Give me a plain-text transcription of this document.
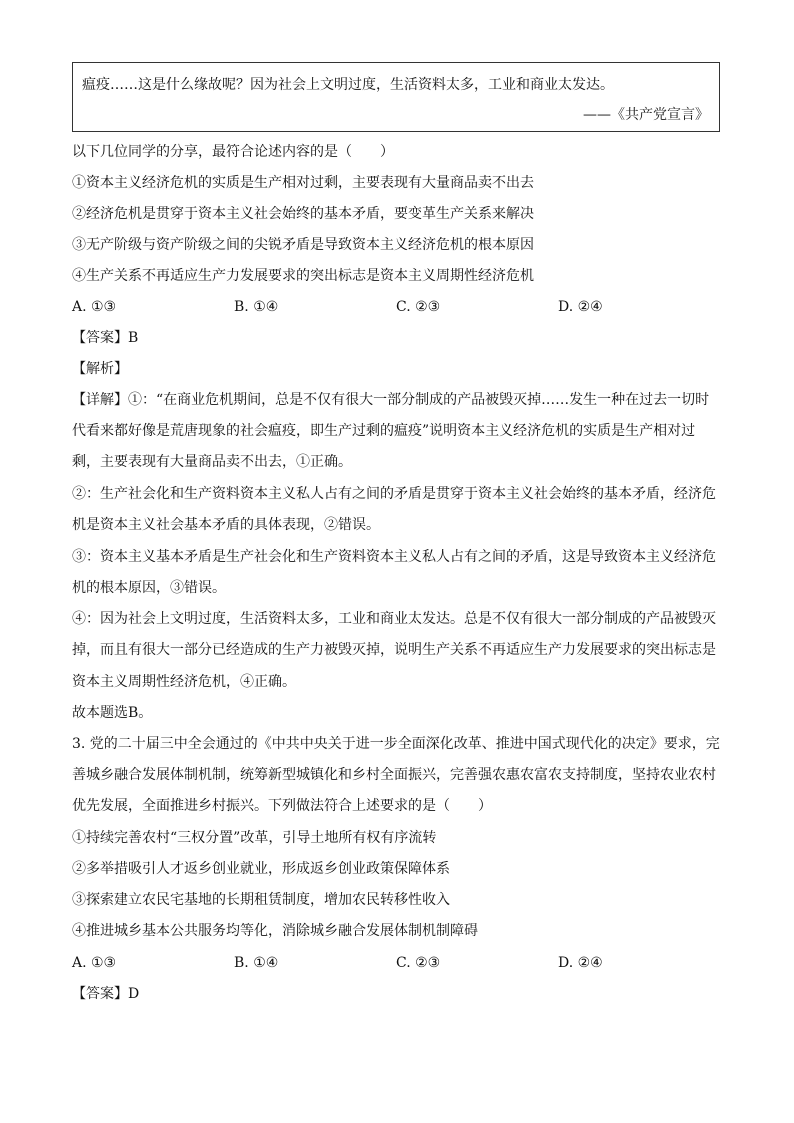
瘟疫……这是什么缘故呢？因为社会上文明过度，生活资料太多，工业和商业太发达。
——《共产党宣言》
以下几位同学的分享，最符合论述内容的是（　　）
①资本主义经济危机的实质是生产相对过剩，主要表现有大量商品卖不出去
②经济危机是贯穿于资本主义社会始终的基本矛盾，要变革生产关系来解决
③无产阶级与资产阶级之间的尖锐矛盾是导致资本主义经济危机的根本原因
④生产关系不再适应生产力发展要求的突出标志是资本主义周期性经济危机
A. ①③	B. ①④	C. ②③	D. ②④
【答案】B
【解析】
【详解】①：“在商业危机期间，总是不仅有很大一部分制成的产品被毁灭掉……发生一种在过去一切时
代看来都好像是荒唐现象的社会瘟疫，即生产过剩的瘟疫”说明资本主义经济危机的实质是生产相对过
剩，主要表现有大量商品卖不出去，①正确。
②：生产社会化和生产资料资本主义私人占有之间的矛盾是贯穿于资本主义社会始终的基本矛盾，经济危
机是资本主义社会基本矛盾的具体表现，②错误。
③：资本主义基本矛盾是生产社会化和生产资料资本主义私人占有之间的矛盾，这是导致资本主义经济危
机的根本原因，③错误。
④：因为社会上文明过度，生活资料太多，工业和商业太发达。总是不仅有很大一部分制成的产品被毁灭
掉，而且有很大一部分已经造成的生产力被毁灭掉，说明生产关系不再适应生产力发展要求的突出标志是
资本主义周期性经济危机，④正确。
故本题选B。
3. 党的二十届三中全会通过的《中共中央关于进一步全面深化改革、推进中国式现代化的决定》要求，完
善城乡融合发展体制机制，统筹新型城镇化和乡村全面振兴，完善强农惠农富农支持制度，坚持农业农村
优先发展，全面推进乡村振兴。下列做法符合上述要求的是（　　）
①持续完善农村“三权分置”改革，引导土地所有权有序流转
②多举措吸引人才返乡创业就业，形成返乡创业政策保障体系
③探索建立农民宅基地的长期租赁制度，增加农民转移性收入
④推进城乡基本公共服务均等化，消除城乡融合发展体制机制障碍
A. ①③	B. ①④	C. ②③	D. ②④
【答案】D
